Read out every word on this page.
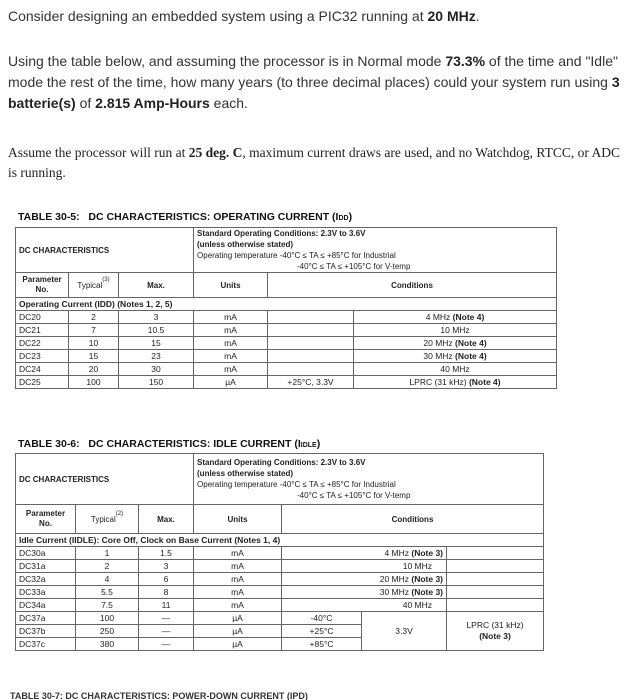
Consider designing an embedded system using a PIC32 running at 20 MHz.
Using the table below, and assuming the processor is in Normal mode 73.3% of the time and "Idle" mode the rest of the time, how many years (to three decimal places) could your system run using 3 batterie(s) of 2.815 Amp-Hours each.
Assume the processor will run at 25 deg. C, maximum current draws are used, and no Watchdog, RTCC, or ADC is running.
TABLE 30-5: DC CHARACTERISTICS: OPERATING CURRENT (IDD)
DC CHARACTERISTICS			Standard Operating Conditions: 2.3V to 3.6V
(unless otherwise stated)
Operating temperature -40°C ≤ TA ≤ +85°C for Industrial

-40°C ≤ TA ≤ +105°C for V-temp		

Parameter No.	Typical$^{(3)}$	Max.	Units	Conditions	
Operating Current (IDD) (Notes 1, 2, 5)					
DC20	2	3	mA		4 MHz (Note 4)
DC21	7	10.5	mA		10 MHz
DC22	10	15	mA		20 MHz (Note 4)
DC23	15	23	mA		30 MHz (Note 4)
DC24	20	30	mA		40 MHz
DC25	100	150	µA	+25°C, 3.3V	LPRC (31 kHz) (Note 4)
TABLE 30-6: DC CHARACTERISTICS: IDLE CURRENT (IIDLE)
DC CHARACTERISTICS			Standard Operating Conditions: 2.3V to 3.6V
(unless otherwise stated)
Operating temperature -40°C ≤ TA ≤ +85°C for Industrial

-40°C ≤ TA ≤ +105°C for V-temp			

Parameter No.	Typical$^{(2)}$	Max.	Units	Conditions		
Idle Current (IIDLE): Core Off, Clock on Base Current (Notes 1, 4)						
DC30a	1	1.5	mA	4 MHz (Note 3)		
DC31a	2	3	mA	10 MHz		
DC32a	4	6	mA	20 MHz (Note 3)		
DC33a	5.5	8	mA	30 MHz (Note 3)		
DC34a	7.5	11	mA	40 MHz		
DC37a	100	—	µA	-40°C	3.3V	LPRC (31 kHz)
(Note 3)
DC37b	250	—	µA	+25°C		
DC37c	380	—	µA	+85°C		
TABLE 30-7: DC CHARACTERISTICS: POWER-DOWN CURRENT (IPD)
